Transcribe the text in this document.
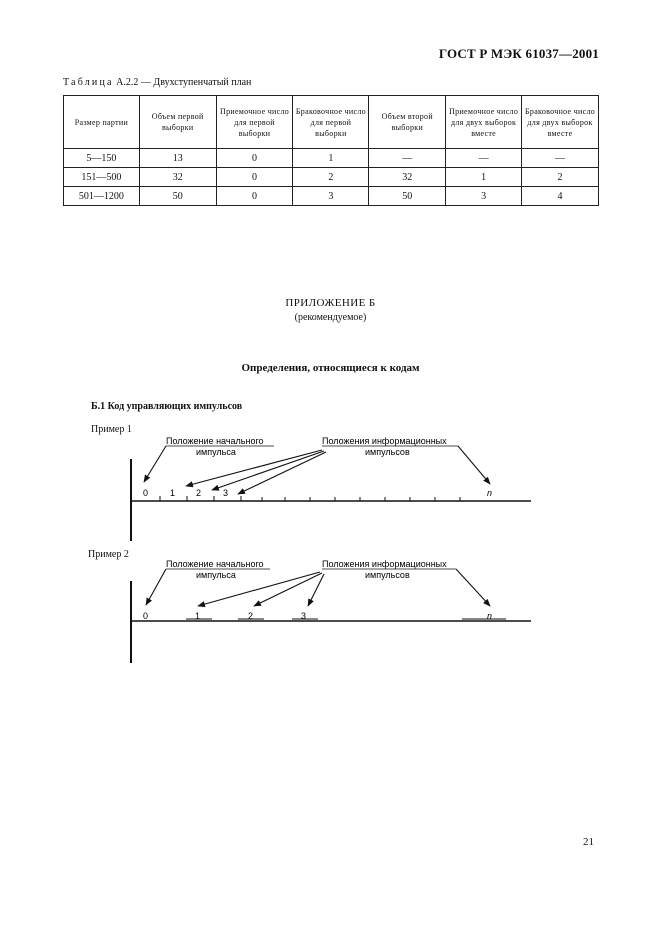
ГОСТ Р МЭК 61037—2001
Таблица А.2.2 — Двухступенчатый план
Размер партии	Объем первой выборки	Приемочное число для первой выборки	Браковочное число для первой выборки	Объем второй выборки	Приемочное число для двух выборок вместе	Браковочное число для двух выборок вместе
5—150	13	0	1	—	—	—
151—500	32	0	2	32	1	2
501—1200	50	0	3	50	3	4
ПРИЛОЖЕНИЕ Б
(рекомендуемое)
Определения, относящиеся к кодам
Б.1 Код управляющих импульсов
Пример 1
Пример 2
Положение начального
импульса
Положения информационных
импульсов
0 1 2 3	n
Положение начального
импульса
Положения информационных
импульсов
0	1	2	3	n
21
